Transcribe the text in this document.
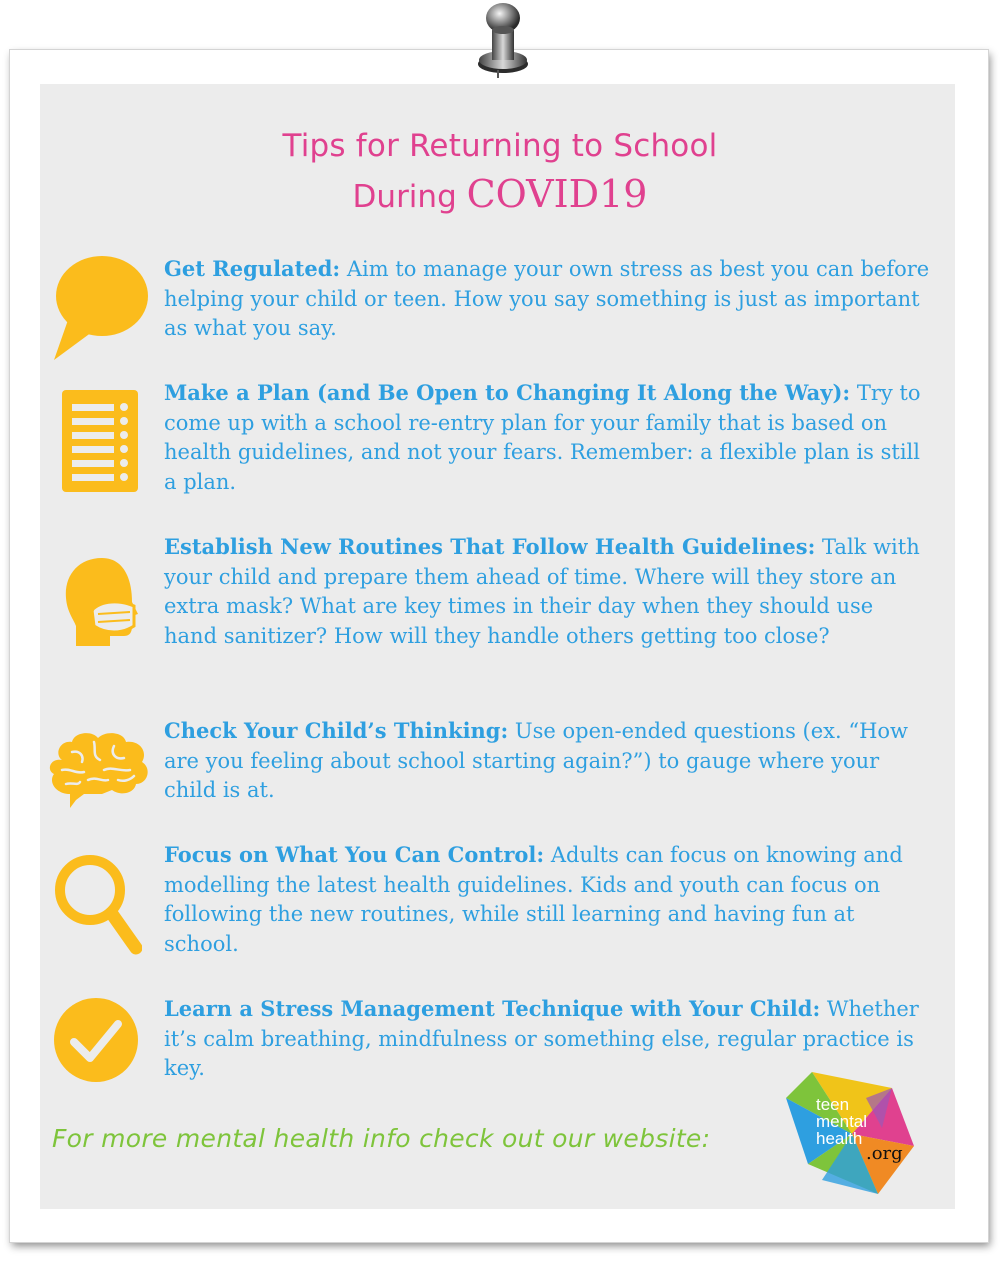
Tips for Returning to School
During COVID19
Get Regulated: Aim to manage your own stress as best you can before helping your child or teen. How you say something is just as important as what you say.
Make a Plan (and Be Open to Changing It Along the Way): Try to come up with a school re-entry plan for your family that is based on health guidelines, and not your fears. Remember: a flexible plan is still a plan.
Establish New Routines That Follow Health Guidelines: Talk with your child and prepare them ahead of time. Where will they store an extra mask? What are key times in their day when they should use hand sanitizer? How will they handle others getting too close?
Check Your Child’s Thinking: Use open-ended questions (ex. “How are you feeling about school starting again?”) to gauge where your child is at.
Focus on What You Can Control: Adults can focus on knowing and modelling the latest health guidelines. Kids and youth can focus on following the new routines, while still learning and having fun at school.
Learn a Stress Management Technique with Your Child: Whether it’s calm breathing, mindfulness or something else, regular practice is key.
For more mental health info check out our website:
teen
mental
health
.org
